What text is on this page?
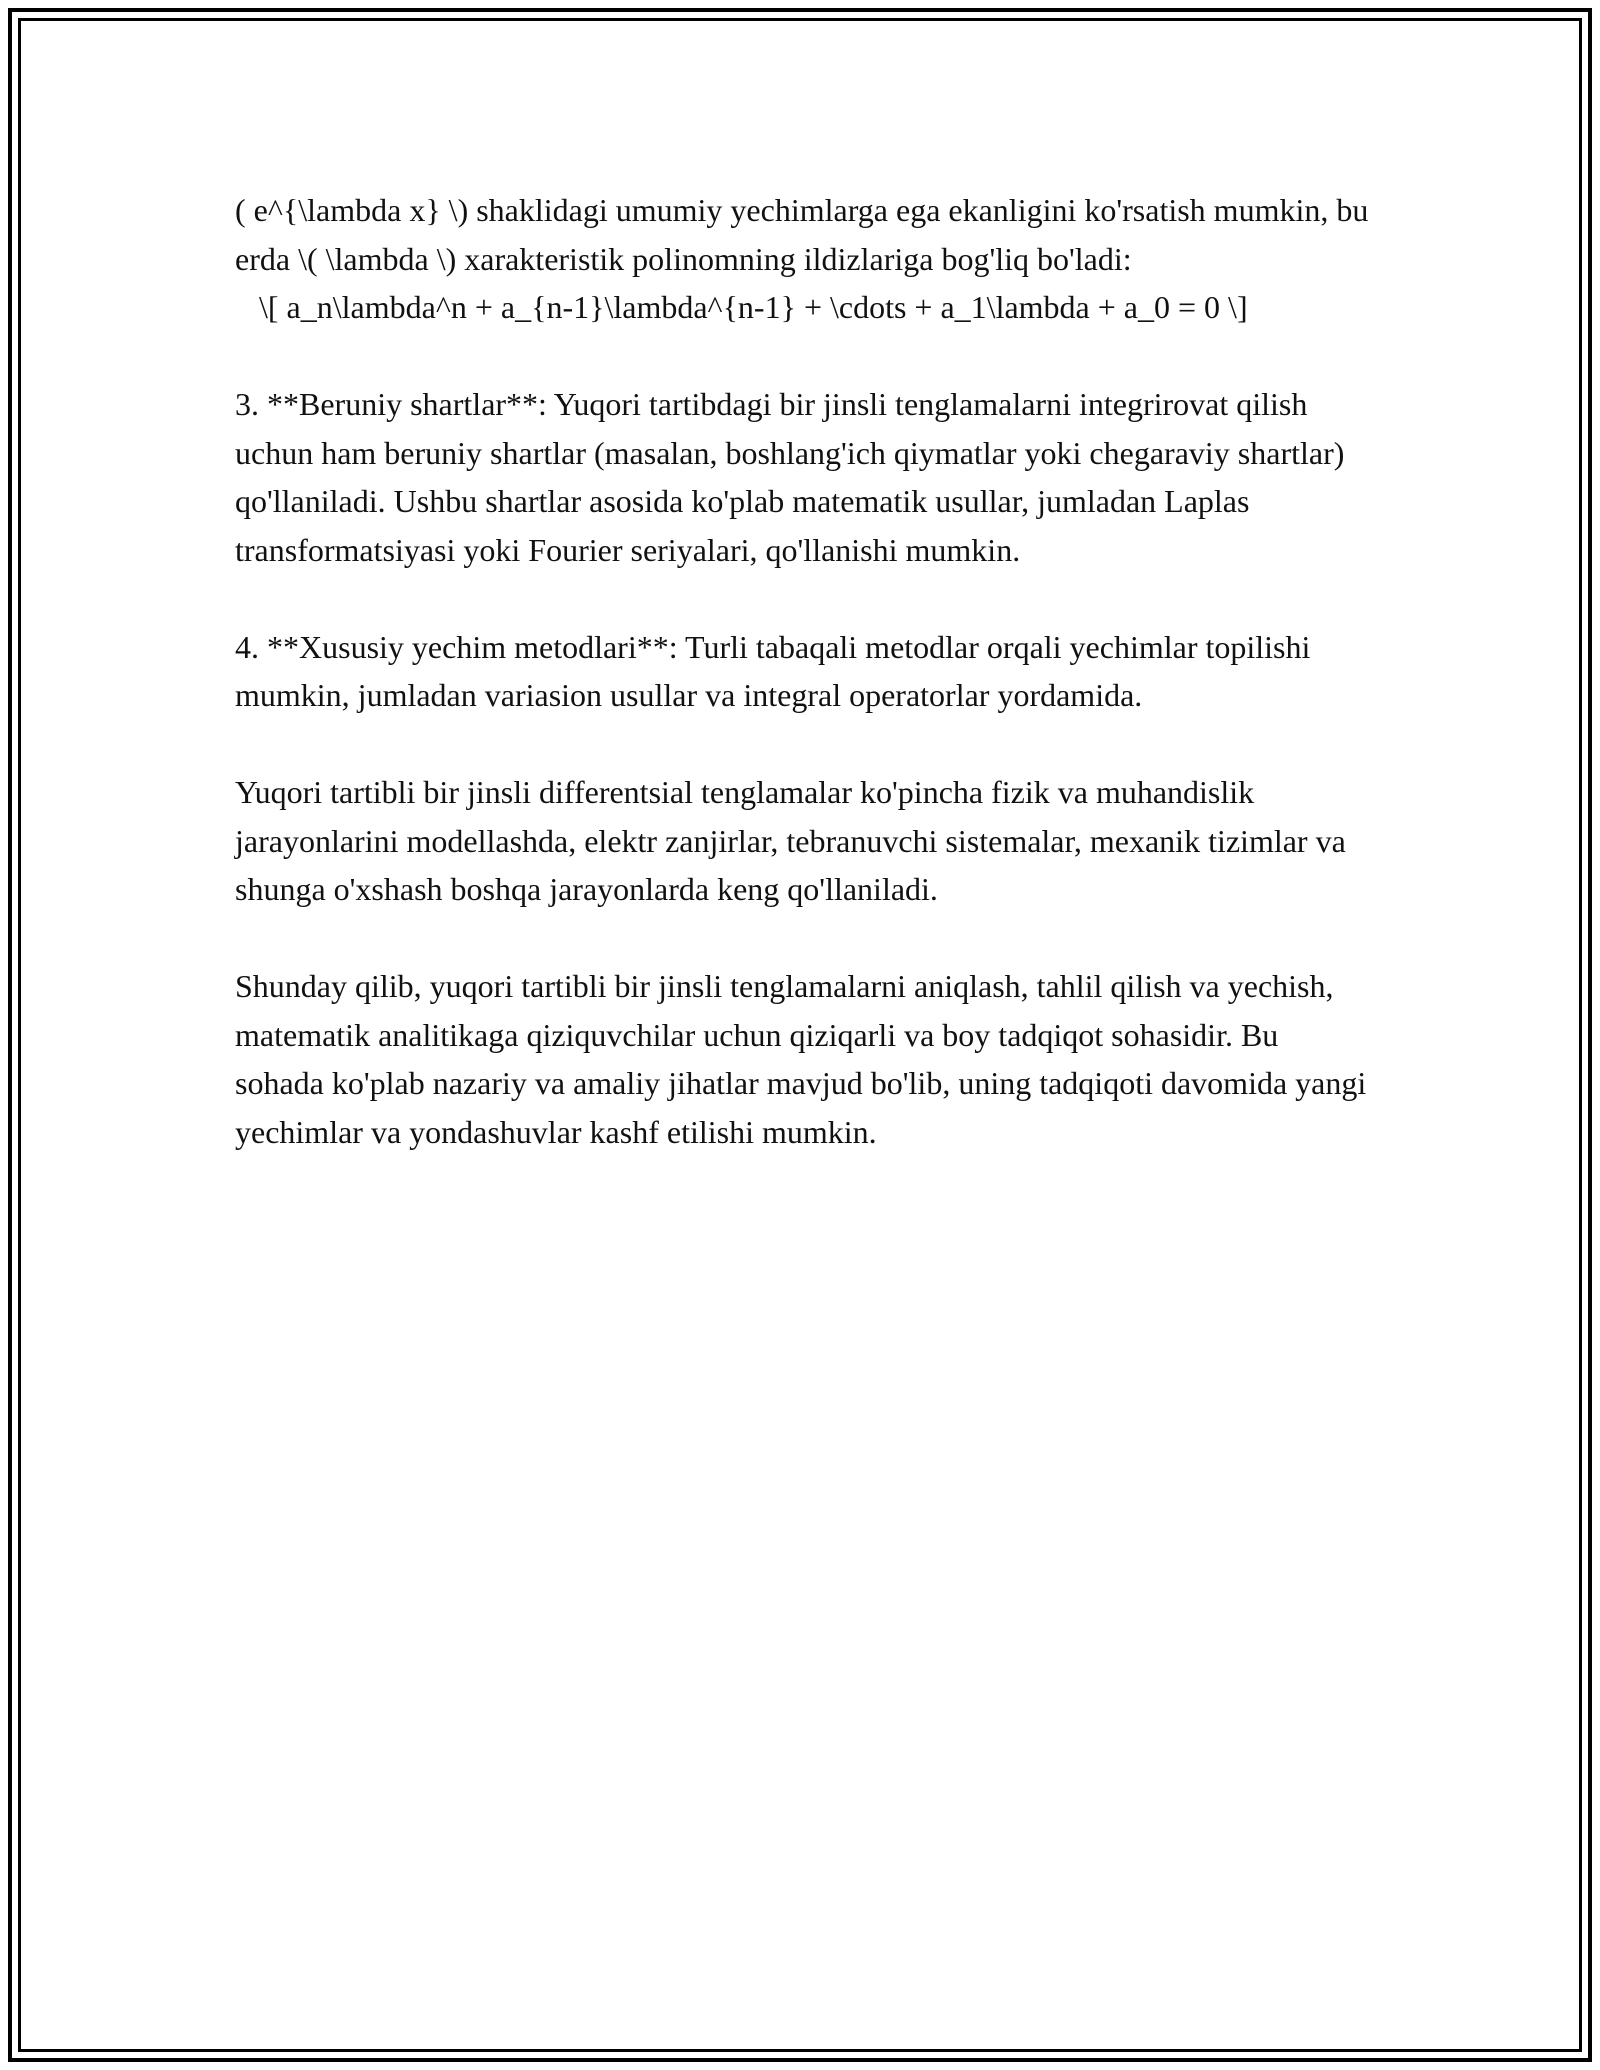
( e^{\lambda x} \) shaklidagi umumiy yechimlarga ega ekanligini ko'rsatish mumkin, bu erda \( \lambda \) xarakteristik polinomning ildizlariga bog'liq bo'ladi:
\[ a_n\lambda^n + a_{n-1}\lambda^{n-1} + \cdots + a_1\lambda + a_0 = 0 \]

3. **Beruniy shartlar**: Yuqori tartibdagi bir jinsli tenglamalarni integrirovat qilish uchun ham beruniy shartlar (masalan, boshlang'ich qiymatlar yoki chegaraviy shartlar) qo'llaniladi. Ushbu shartlar asosida ko'plab matematik usullar, jumladan Laplas transformatsiyasi yoki Fourier seriyalari, qo'llanishi mumkin.

4. **Xususiy yechim metodlari**: Turli tabaqali metodlar orqali yechimlar topilishi mumkin, jumladan variasion usullar va integral operatorlar yordamida.

Yuqori tartibli bir jinsli differentsial tenglamalar ko'pincha fizik va muhandislik jarayonlarini modellashda, elektr zanjirlar, tebranuvchi sistemalar, mexanik tizimlar va shunga o'xshash boshqa jarayonlarda keng qo'llaniladi.

Shunday qilib, yuqori tartibli bir jinsli tenglamalarni aniqlash, tahlil qilish va yechish, matematik analitikaga qiziquvchilar uchun qiziqarli va boy tadqiqot sohasidir. Bu sohada ko'plab nazariy va amaliy jihatlar mavjud bo'lib, uning tadqiqoti davomida yangi yechimlar va yondashuvlar kashf etilishi mumkin.
